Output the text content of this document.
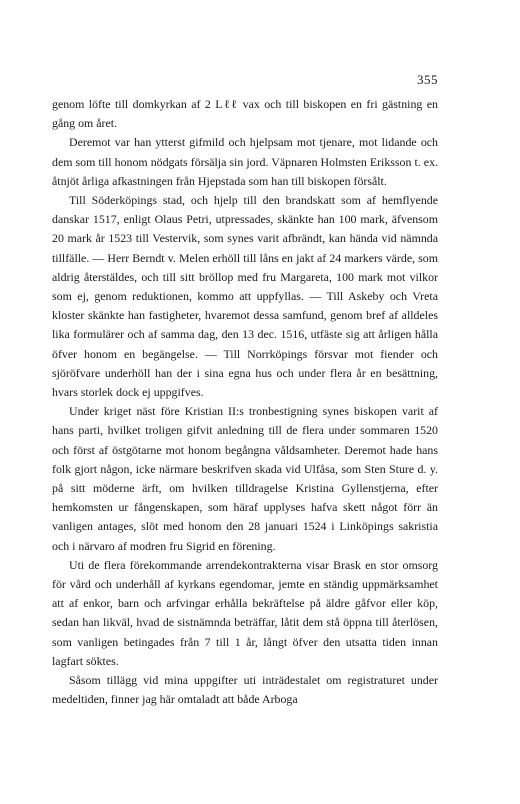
355

genom löfte till domkyrkan af 2 Lℓℓ vax och till biskopen en fri gästning en gång om året.

Deremot var han ytterst gifmild och hjelpsam mot tjenare, mot lidande och dem som till honom nödgats försälja sin jord. Väpnaren Holmsten Eriksson t. ex. åtnjöt årliga afkastningen från Hjepstada som han till biskopen försålt.

Till Söderköpings stad, och hjelp till den brandskatt som af hemflyende danskar 1517, enligt Olaus Petri, utpressades, skänkte han 100 mark, äfvensom 20 mark år 1523 till Vestervik, som synes varit afbrändt, kan hända vid nämnda tillfälle. — Herr Berndt v. Melen erhöll till låns en jakt af 24 markers värde, som aldrig återstäldes, och till sitt bröllop med fru Margareta, 100 mark mot vilkor som ej, genom reduktionen, kommo att uppfyllas. — Till Askeby och Vreta kloster skänkte han fastigheter, hvaremot dessa samfund, genom bref af alldeles lika formulärer och af samma dag, den 13 dec. 1516, utfäste sig att årligen hålla öfver honom en begängelse. — Till Norrköpings försvar mot fiender och sjöröfvare underhöll han der i sina egna hus och under flera år en besättning, hvars storlek dock ej uppgifves.

Under kriget näst före Kristian II:s tronbestigning synes biskopen varit af hans parti, hvilket troligen gifvit anledning till de flera under sommaren 1520 och först af östgötarne mot honom begångna våldsamheter. Deremot hade hans folk gjort någon, icke närmare beskrifven skada vid Ulfåsa, som Sten Sture d. y. på sitt möderne ärft, om hvilken tilldragelse Kristina Gyllenstjerna, efter hemkomsten ur fångenskapen, som häraf upplyses hafva skett något förr än vanligen antages, slöt med honom den 28 januari 1524 i Linköpings sakristia och i närvaro af modren fru Sigrid en förening.

Uti de flera förekommande arrendekontrakterna visar Brask en stor omsorg för vård och underhåll af kyrkans egendomar, jemte en ständig uppmärksamhet att af enkor, barn och arfvingar erhålla bekräftelse på äldre gåfvor eller köp, sedan han likväl, hvad de sistnämnda beträffar, låtit dem stå öppna till återlösen, som vanligen betingades från 7 till 1 år, långt öfver den utsatta tiden innan lagfart söktes.

Såsom tillägg vid mina uppgifter uti inträdestalet om registraturet under medeltiden, finner jag här omtaladt att både Arboga
